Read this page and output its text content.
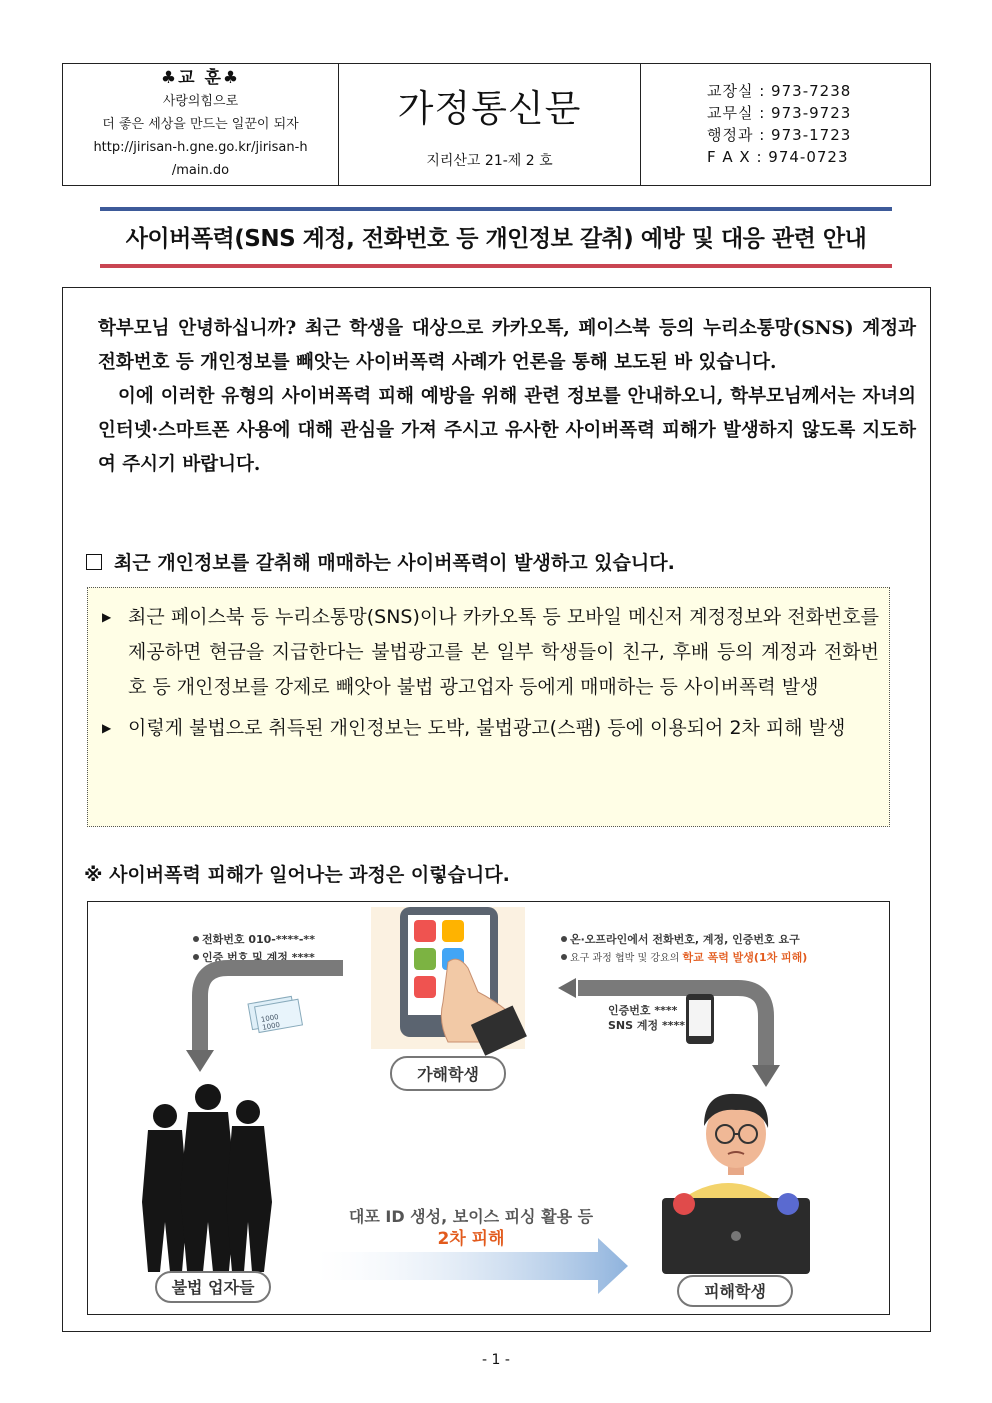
♣교 훈♣
사랑의힘으로
더 좋은 세상을 만드는 일꾼이 되자
http://jirisan-h.gne.go.kr/jirisan-h
/main.do
가정통신문
지리산고 21-제 2 호
교장실 : 973-7238
교무실 : 973-9723
행정과 : 973-1723
F A X : 974-0723
사이버폭력(SNS 계정, 전화번호 등 개인정보 갈취) 예방 및 대응 관련 안내

학부모님 안녕하십니까? 최근 학생을 대상으로 카카오톡, 페이스북 등의 누리소통망(SNS) 계정과 전화번호 등 개인정보를 빼앗는 사이버폭력 사례가 언론을 통해 보도된 바 있습니다.

이에 이러한 유형의 사이버폭력 피해 예방을 위해 관련 정보를 안내하오니, 학부모님께서는 자녀의 인터넷·스마트폰 사용에 대해 관심을 가져 주시고 유사한 사이버폭력 피해가 발생하지 않도록 지도하여 주시기 바랍니다.

최근 개인정보를 갈취해 매매하는 사이버폭력이 발생하고 있습니다.
▶ 최근 페이스북 등 누리소통망(SNS)이나 카카오톡 등 모바일 메신저 계정정보와 전화번호를 제공하면 현금을 지급한다는 불법광고를 본 일부 학생들이 친구, 후배 등의 계정과 전화번호 등 개인정보를 강제로 빼앗아 불법 광고업자 등에게 매매하는 등 사이버폭력 발생
▶ 이렇게 불법으로 취득된 개인정보는 도박, 불법광고(스팸) 등에 이용되어 2차 피해 발생
※ 사이버폭력 피해가 일어나는 과정은 이렇습니다.
전화번호 010-****-**
인증 번호 및 계정 ****
1000
1000
가해학생
온·오프라인에서 전화번호, 계정, 인증번호 요구
요구 과정 협박 및 강요의 학교 폭력 발생(1차 피해)
인증번호 ****
SNS 계정 ****
불법 업자들
대포 ID 생성, 보이스 피싱 활용 등
2차 피해
피해학생
- 1 -
